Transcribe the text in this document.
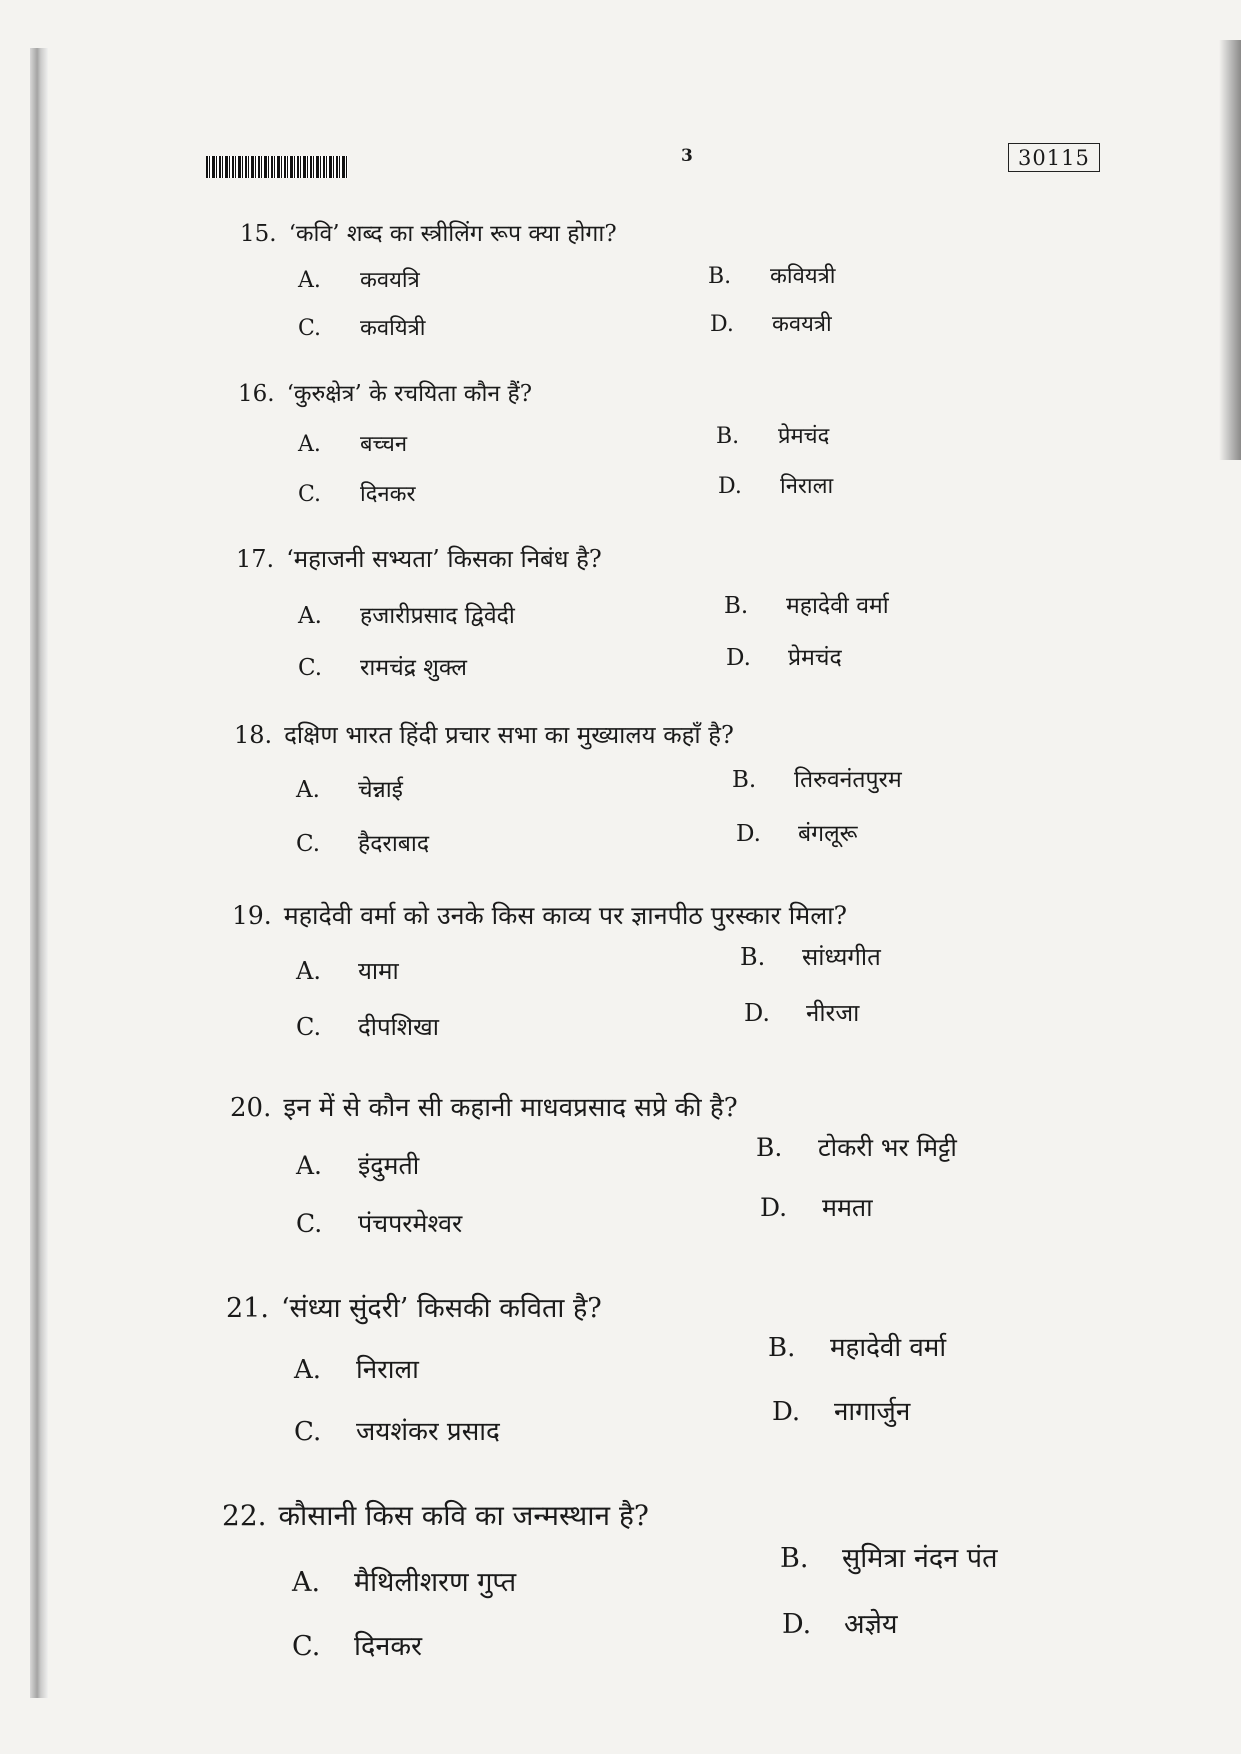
3	30115
15. ‘कवि’ शब्द का स्त्रीलिंग रूप क्या होगा?
A. कवयत्रि	B. कवियत्री
C. कवयित्री	D. कवयत्री
16. ‘कुरुक्षेत्र’ के रचयिता कौन हैं?
A. बच्चन	B. प्रेमचंद
C. दिनकर	D. निराला
17. ‘महाजनी सभ्यता’ किसका निबंध है?
A. हजारीप्रसाद द्विवेदी	B. महादेवी वर्मा
C. रामचंद्र शुक्ल	D. प्रेमचंद
18. दक्षिण भारत हिंदी प्रचार सभा का मुख्यालय कहाँ है?
A. चेन्नाई	B. तिरुवनंतपुरम
C. हैदराबाद	D. बंगलूरू
19. महादेवी वर्मा को उनके किस काव्य पर ज्ञानपीठ पुरस्कार मिला?
A. यामा	B. सांध्यगीत
C. दीपशिखा	D. नीरजा
20. इन में से कौन सी कहानी माधवप्रसाद सप्रे की है?
A. इंदुमती
B. टोकरी भर मिट्टी
C. पंचपरमेश्वर
D. ममता
21. ‘संध्या सुंदरी’ किसकी कविता है?
A. निराला
B. महादेवी वर्मा
C. जयशंकर प्रसाद
D. नागार्जुन
22. कौसानी किस कवि का जन्मस्थान है?
A. मैथिलीशरण गुप्त
B. सुमित्रा नंदन पंत
C. दिनकर
D. अज्ञेय
